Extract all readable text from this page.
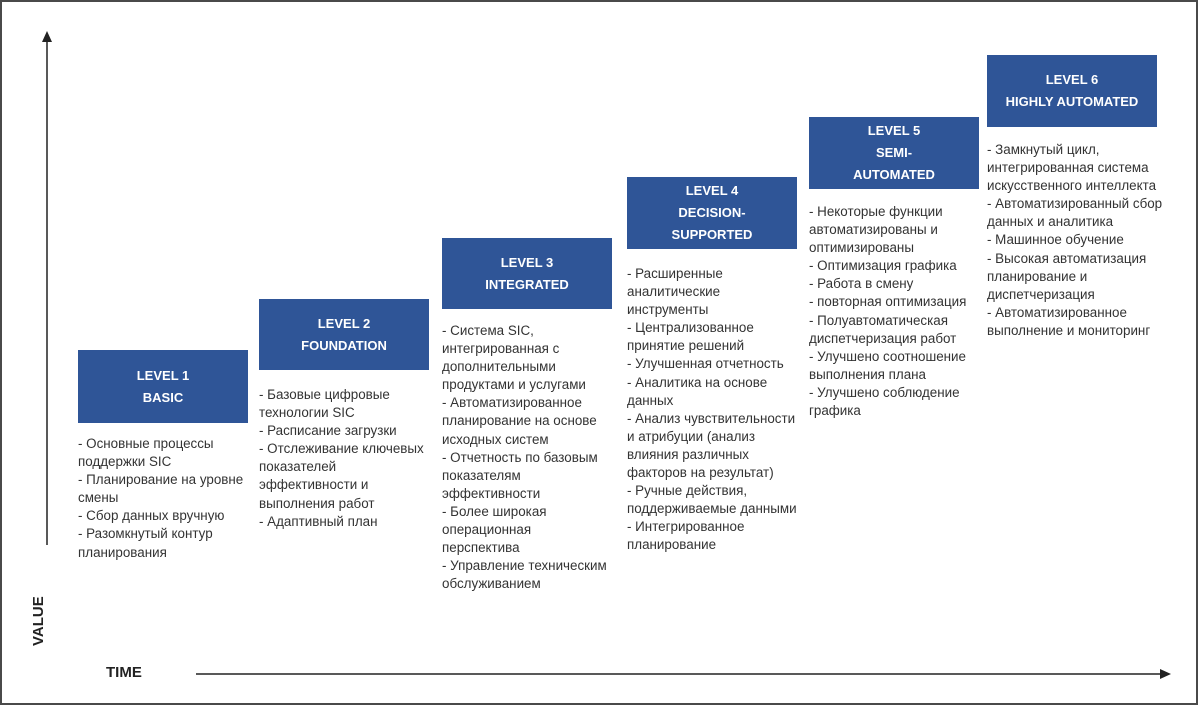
VALUE
TIME
LEVEL 1
BASIC
- Основные процессы поддержки SIC
- Планирование на уровне смены
- Сбор данных вручную
- Разомкнутый контур планирования
LEVEL 2
FOUNDATION
- Базовые цифровые технологии SIC
- Расписание загрузки
- Отслеживание ключевых показателей эффективности и выполнения работ
- Адаптивный план
LEVEL 3
INTEGRATED
- Система SIC, интегрированная с дополнительными продуктами и услугами
- Автоматизированное планирование на основе исходных систем
- Отчетность по базовым показателям эффективности
- Более широкая операционная перспектива
- Управление техническим обслуживанием
LEVEL 4
DECISION-
SUPPORTED
- Расширенные аналитические инструменты
- Централизованное принятие решений
- Улучшенная отчетность
- Аналитика на основе данных
- Анализ чувствительности и атрибуции (анализ влияния различных факторов на результат)
- Ручные действия, поддерживаемые данными
- Интегрированное планирование
LEVEL 5
SEMI-
AUTOMATED
- Некоторые функции автоматизированы и оптимизированы
- Оптимизация графика
- Работа в смену
- повторная оптимизация
- Полуавтоматическая диспетчеризация работ
- Улучшено соотношение выполнения плана
- Улучшено соблюдение графика
LEVEL 6
HIGHLY AUTOMATED
- Замкнутый цикл, интегрированная система искусственного интеллекта
- Автоматизированный сбор данных и аналитика
- Машинное обучение
- Высокая автоматизация планирование и диспетчеризация
- Автоматизированное выполнение и мониторинг
